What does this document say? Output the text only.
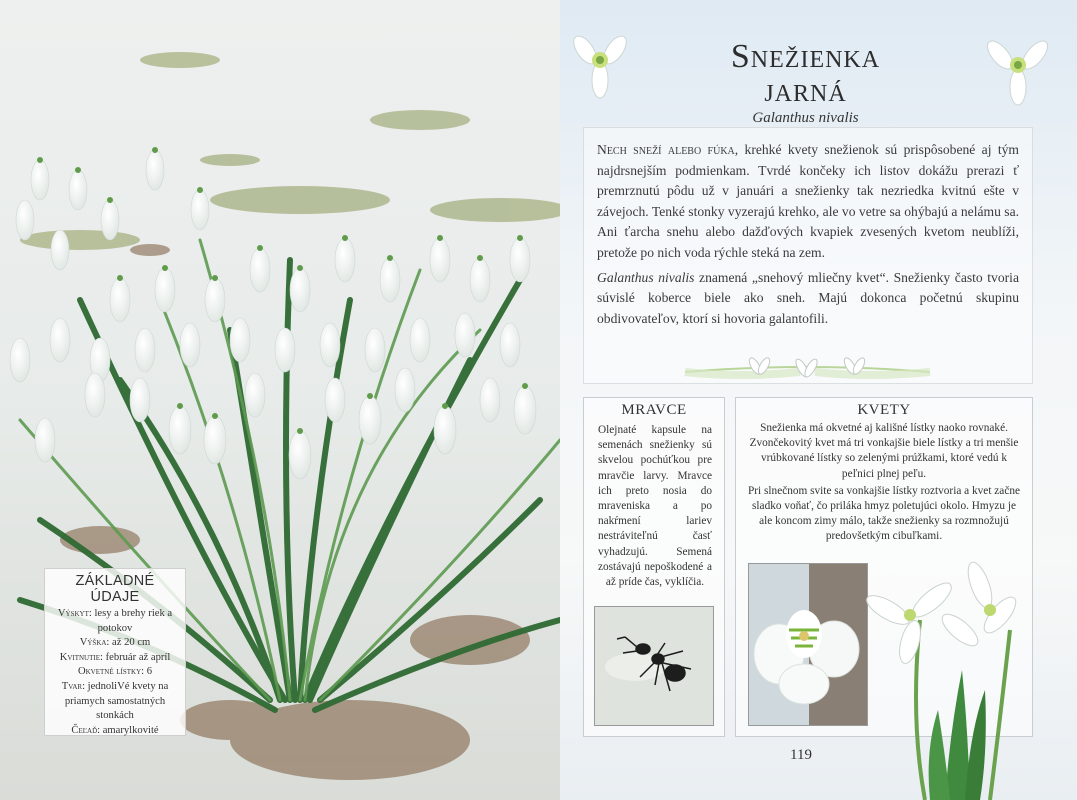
Snežienka
jarná
Galanthus nivalis

Nech sneží alebo fúka, krehké kvety snežienok sú prispôsobené aj tým najdrsnejším podmienkam. Tvrdé končeky ich listov dokážu prerazi ť premrznutú pôdu už v januári a snežienky tak nezriedka kvitnú ešte v závejoch. Tenké stonky vyzerajú krehko, ale vo vetre sa ohýbajú a nelámu sa. Ani ťarcha snehu alebo dažďových kvapiek zvesených kvetom neublíži, pretože po nich voda rýchle steká na zem.

Galanthus nivalis znamená „snehový mliečny kvet“. Snežienky často tvoria súvislé koberce biele ako sneh. Majú dokonca početnú skupinu obdivovateľov, ktorí si hovoria galantofili.

MRAVCE

Olejnaté kapsule na semenách snežienky sú skvelou pochúťkou pre mravčie larvy. Mravce ich preto nosia do mraveniska a po nakŕmení lariev nestráviteľnú časť vyhadzujú. Semená zostávajú nepoškodené a až príde čas, vyklíčia.

KVETY

Snežienka má okvetné aj kališné lístky naoko rovnaké. Zvončekovitý kvet má tri vonkajšie biele lístky a tri menšie vrúbkované lístky so zelenými prúžkami, ktoré vedú k peľnici plnej peľu.

Pri slnečnom svite sa vonkajšie lístky roztvoria a kvet začne sladko voňať, čo priláka hmyz poletujúci okolo. Hmyzu je ale koncom zimy málo, takže snežienky sa rozmnožujú predovšetkým cibuľkami.

ZÁKLADNÉ ÚDAJE
Výskyt: lesy a brehy riek a potokov
Výška: až 20 cm
Kvitnutie: február až apríl
Okvetné lístky: 6
Tvar: jednoliVé kvety na priamych samostatných stonkách
Čeľaď: amarylkovité
119
